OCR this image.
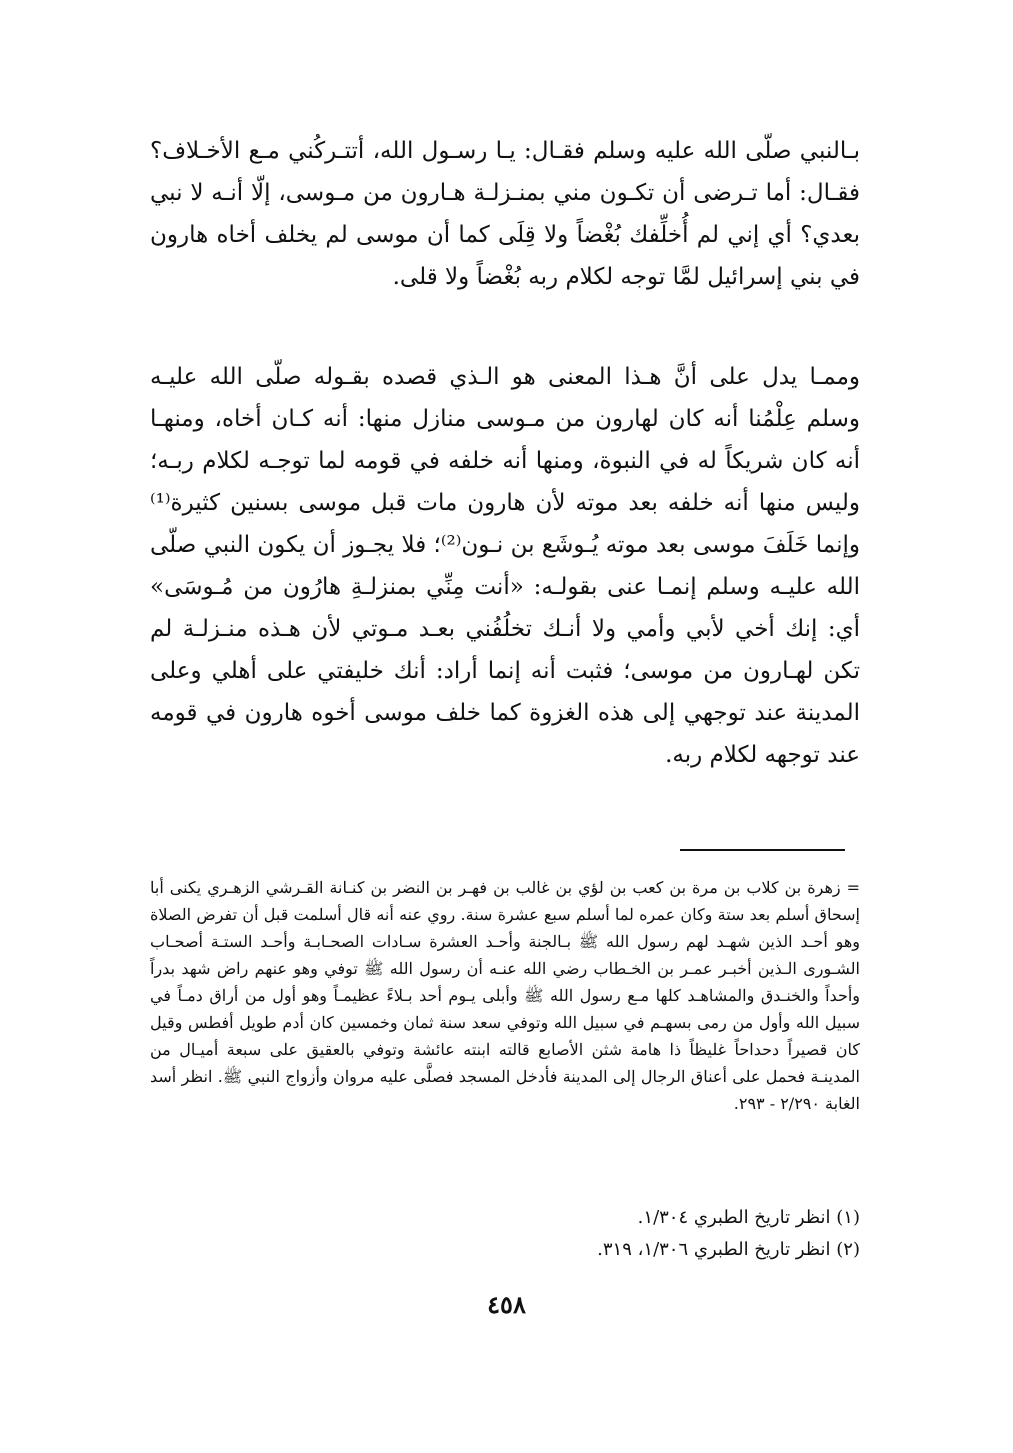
بـالنبي صلّى الله عليه وسلم فقـال: يـا رسـول الله، أتتـركُني مـع الأخـلاف؟ فقـال: أما تـرضى أن تكـون مني بمنـزلـة هـارون من مـوسى، إلّا أنـه لا نبي بعدي؟ أي إني لم أُخلِّفك بُغْضاً ولا قِلَى كما أن موسى لم يخلف أخاه هارون في بني إسرائيل لمَّا توجه لكلام ربه بُغْضاً ولا قلى.

وممـا يدل على أنَّ هـذا المعنى هو الـذي قصده بقـوله صلّى الله عليـه وسلم عِلْمُنا أنه كان لهارون من مـوسى منازل منها: أنه كـان أخاه، ومنهـا أنه كان شريكاً له في النبوة، ومنها أنه خلفه في قومه لما توجـه لكلام ربـه؛ وليس منها أنه خلفه بعد موته لأن هارون مات قبل موسى بسنين كثيرة⁽¹⁾ وإنما خَلَفَ موسى بعد موته يُـوشَع بن نـون⁽²⁾؛ فلا يجـوز أن يكون النبي صلّى الله عليـه وسلم إنمـا عنى بقولـه: «أنت مِنِّي بمنزلـةِ هارُون من مُـوسَى» أي: إنك أخي لأبي وأمي ولا أنـك تخلُفُني بعـد مـوتي لأن هـذه منـزلـة لم تكن لهـارون من موسى؛ فثبت أنه إنما أراد: أنك خليفتي على أهلي وعلى المدينة عند توجهي إلى هذه الغزوة كما خلف موسى أخوه هارون في قومه عند توجهه لكلام ربه.

= زهرة بن كلاب بن مرة بن كعب بن لؤي بن غالب بن فهـر بن النضر بن كنـانة القـرشي الزهـري يكنى أبا إسحاق أسلم بعد ستة وكان عمره لما أسلم سبع عشرة سنة. روي عنه أنه قال أسلمت قبل أن تفرض الصلاة وهو أحـد الذين شهـد لهم رسول الله ﷺ بـالجنة وأحـد العشرة سـادات الصحـابـة وأحـد الستـة أصحـاب الشـورى الـذين أخبـر عمـر بن الخـطاب رضي الله عنـه أن رسول الله ﷺ توفي وهو عنهم راض شهد بدراً وأحداً والخنـدق والمشاهـد كلها مـع رسول الله ﷺ وأبلى يـوم أحد بـلاءً عظيمـاً وهو أول من أراق دمـاً في سبيل الله وأول من رمى بسهـم في سبيل الله وتوفي سعد سنة ثمان وخمسين كان أدم طويل أفطس وقيل كان قصيراً دحداحاً غليظاً ذا هامة شثن الأصابع قالته ابنته عائشة وتوفي بالعقيق على سبعة أميـال من المدينـة فحمل على أعناق الرجال إلى المدينة فأدخل المسجد فصلَّى عليه مروان وأزواج النبي ﷺ. انظر أسد الغابة ٢/٢٩٠ - ٢٩٣.

(١) انظر تاريخ الطبري ١/٣٠٤.
(٢) انظر تاريخ الطبري ١/٣٠٦، ٣١٩.
٤٥٨
